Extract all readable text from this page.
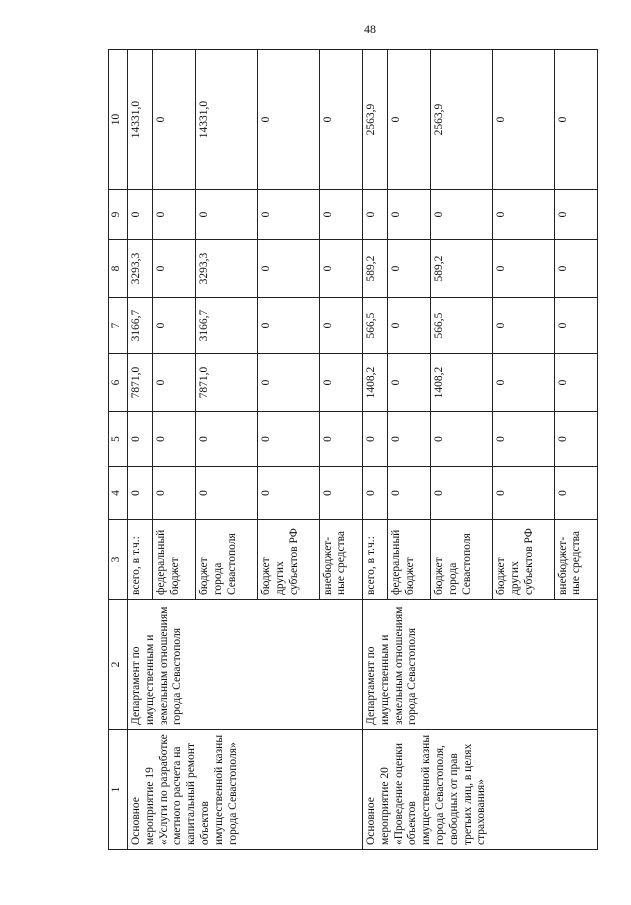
48
1	2	3	4	5	6	7	8	9	10
Основное мероприятие 19 «Услуги по разработке сметного расчета на капитальный ремонт объектов имущественной казны города Севастополя»	Департамент по имущественным и земельным отношениям города Севастополя	всего, в т.ч.:	0	0	7871,0	3166,7	3293,3	0	14331,0
		федеральный бюджет	0	0	0	0	0	0	0
		бюджет города Севастополя	0	0	7871,0	3166,7	3293,3	0	14331,0
		бюджет других субъектов РФ	0	0	0	0	0	0	0
		внебюджет-ные средства	0	0	0	0	0	0	0
Основное мероприятие 20 «Проведение оценки объектов имущественной казны города Севастополя, свободных от прав третьих лиц, в целях страхования»	Департамент по имущественным и земельным отношениям города Севастополя	всего, в т.ч.:	0	0	1408,2	566,5	589,2	0	2563,9
		федеральный бюджет	0	0	0	0	0	0	0
		бюджет города Севастополя	0	0	1408,2	566,5	589,2	0	2563,9
		бюджет других субъектов РФ	0	0	0	0	0	0	0
		внебюджет-ные средства	0	0	0	0	0	0	0
